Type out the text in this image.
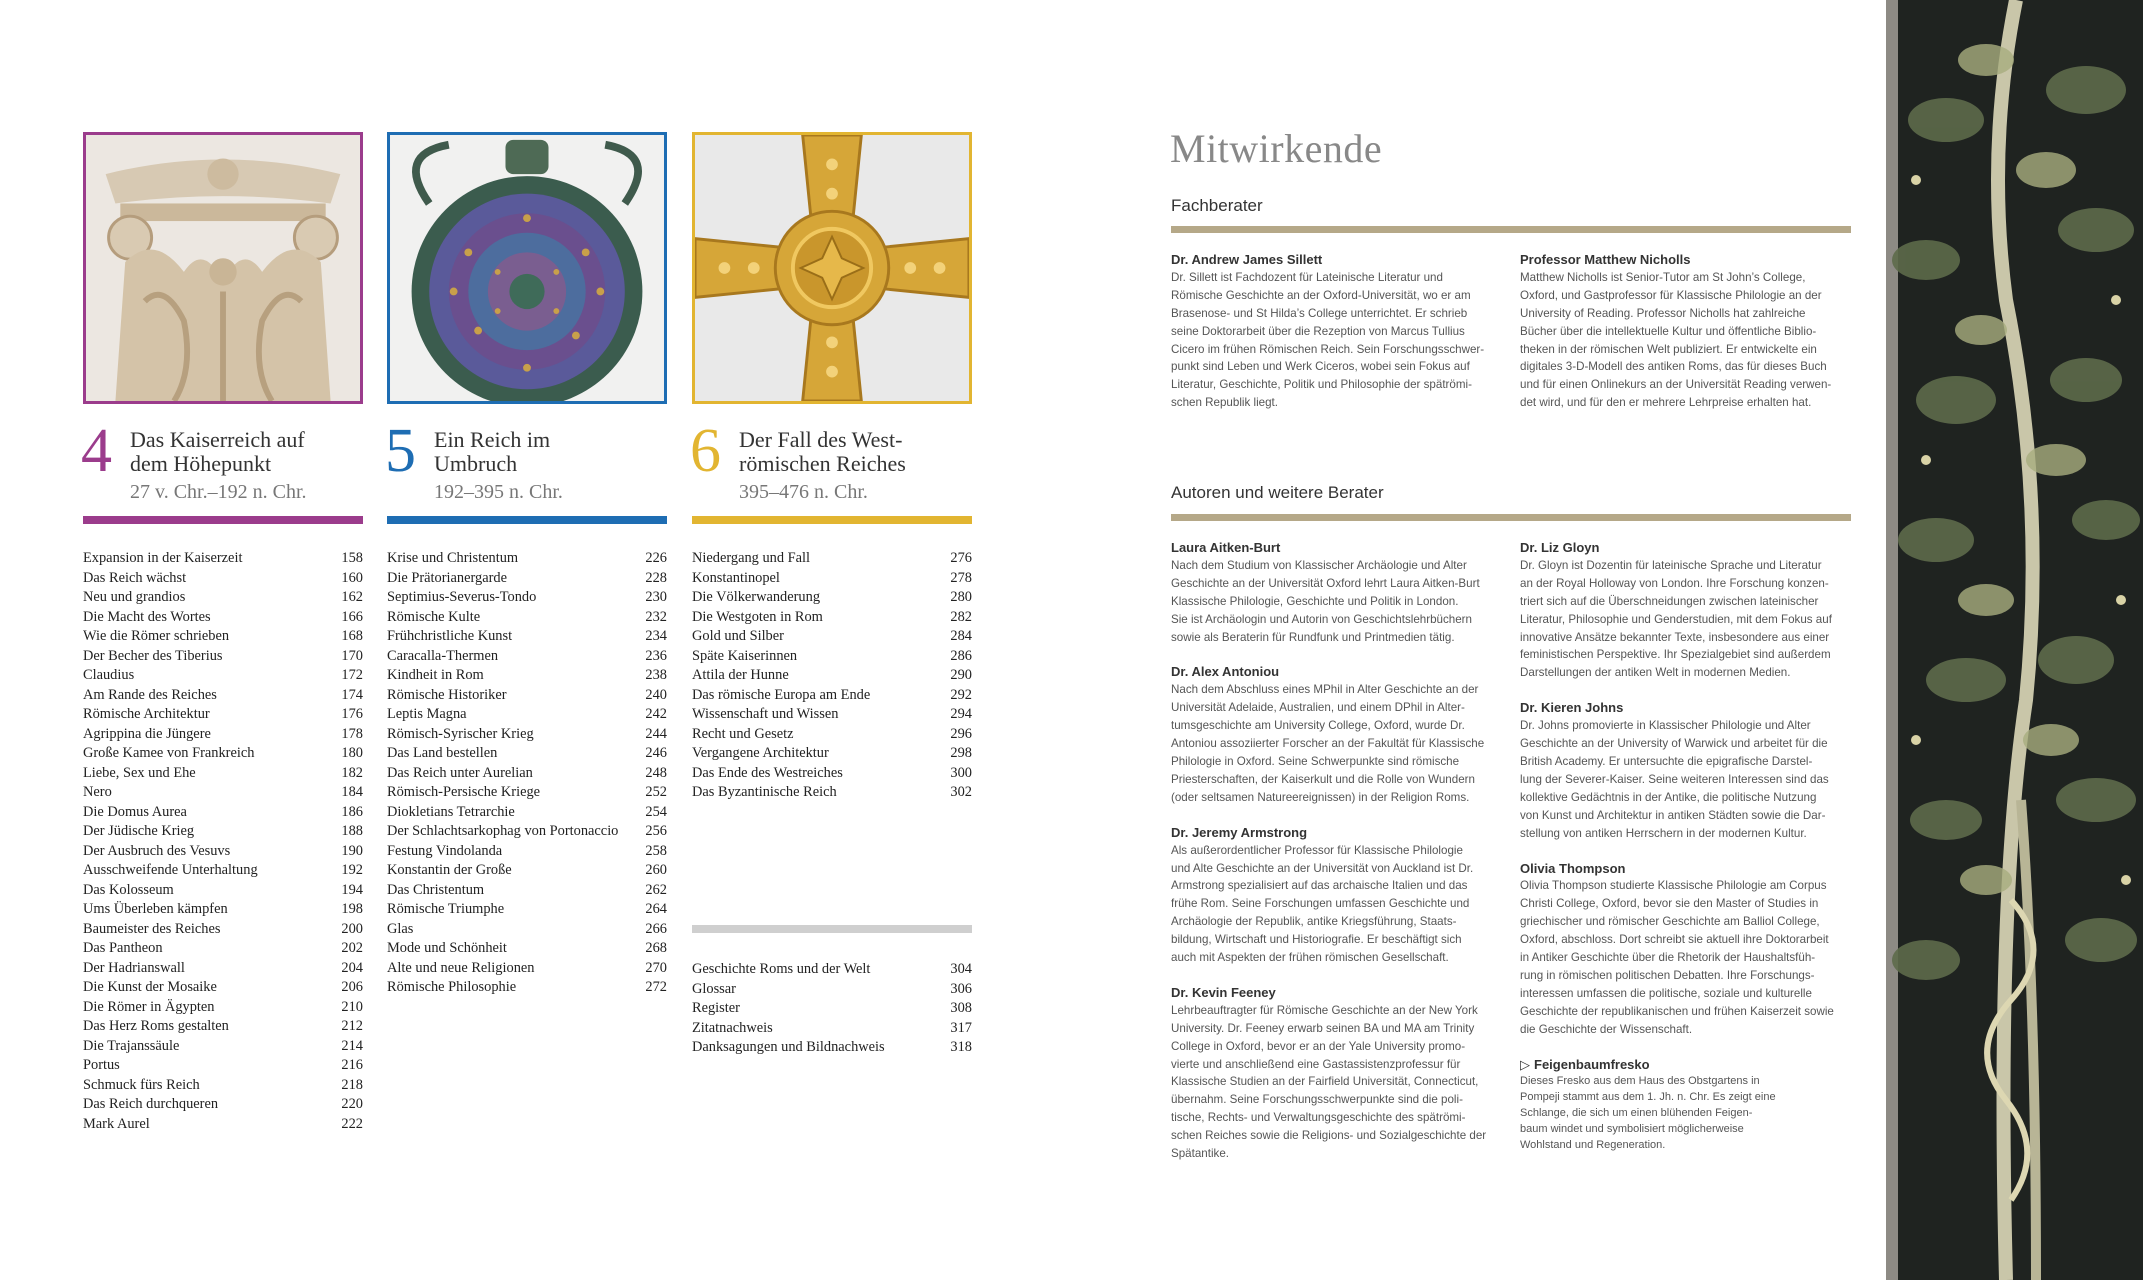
4 Das Kaiserreich auf dem Höhepunkt
27 v. Chr.–192 n. Chr.
5 Ein Reich im Umbruch
192–395 n. Chr.
6 Der Fall des West-
römischen Reiches
395–476 n. Chr.
Expansion in der Kaiserzeit	158
Das Reich wächst	160
Neu und grandios	162
Die Macht des Wortes	166
Wie die Römer schrieben	168
Der Becher des Tiberius	170
Claudius	172
Am Rande des Reiches	174
Römische Architektur	176
Agrippina die Jüngere	178
Große Kamee von Frankreich	180
Liebe, Sex und Ehe	182
Nero	184
Die Domus Aurea	186
Der Jüdische Krieg	188
Der Ausbruch des Vesuvs	190
Ausschweifende Unterhaltung	192
Das Kolosseum	194
Ums Überleben kämpfen	198
Baumeister des Reiches	200
Das Pantheon	202
Der Hadrianswall	204
Die Kunst der Mosaike	206
Die Römer in Ägypten	210
Das Herz Roms gestalten	212
Die Trajanssäule	214
Portus	216
Schmuck fürs Reich	218
Das Reich durchqueren	220
Mark Aurel	222
Krise und Christentum	226
Die Prätorianergarde	228
Septimius-Severus-Tondo	230
Römische Kulte	232
Frühchristliche Kunst	234
Caracalla-Thermen	236
Kindheit in Rom	238
Römische Historiker	240
Leptis Magna	242
Römisch-Syrischer Krieg	244
Das Land bestellen	246
Das Reich unter Aurelian	248
Römisch-Persische Kriege	252
Diokletians Tetrarchie	254
Der Schlachtsarkophag von Portonaccio 256
Festung Vindolanda	258
Konstantin der Große	260
Das Christentum	262
Römische Triumphe	264
Glas	266
Mode und Schönheit	268
Alte und neue Religionen	270
Römische Philosophie	272
Niedergang und Fall	276
Konstantinopel	278
Die Völkerwanderung	280
Die Westgoten in Rom	282
Gold und Silber	284
Späte Kaiserinnen	286
Attila der Hunne	290
Das römische Europa am Ende	292
Wissenschaft und Wissen	294
Recht und Gesetz	296
Vergangene Architektur	298
Das Ende des Westreiches	300
Das Byzantinische Reich	302
Geschichte Roms und der Welt	304
Glossar	306
Register	308
Zitatnachweis	317
Danksagungen und Bildnachweis	318
Mitwirkende
Fachberater
Dr. Andrew James Sillett

Dr. Sillett ist Fachdozent für Lateinische Literatur und

Römische Geschichte an der Oxford-Universität, wo er am

Brasenose- und St Hilda’s College unterrichtet. Er schrieb

seine Doktorarbeit über die Rezeption von Marcus Tullius

Cicero im frühen Römischen Reich. Sein Forschungsschwer-

punkt sind Leben und Werk Ciceros, wobei sein Fokus auf

Literatur, Geschichte, Politik und Philosophie der spätrömi-

schen Republik liegt.

Professor Matthew Nicholls

Matthew Nicholls ist Senior-Tutor am St John’s College,

Oxford, und Gastprofessor für Klassische Philologie an der

University of Reading. Professor Nicholls hat zahlreiche

Bücher über die intellektuelle Kultur und öffentliche Biblio-

theken in der römischen Welt publiziert. Er entwickelte ein

digitales 3-D-Modell des antiken Roms, das für dieses Buch

und für einen Onlinekurs an der Universität Reading verwen-

det wird, und für den er mehrere Lehrpreise erhalten hat.

Autoren und weitere Berater
Laura Aitken-Burt

Nach dem Studium von Klassischer Archäologie und Alter

Geschichte an der Universität Oxford lehrt Laura Aitken-Burt

Klassische Philologie, Geschichte und Politik in London.

Sie ist Archäologin und Autorin von Geschichtslehrbüchern

sowie als Beraterin für Rundfunk und Printmedien tätig.

Dr. Alex Antoniou

Nach dem Abschluss eines MPhil in Alter Geschichte an der

Universität Adelaide, Australien, und einem DPhil in Alter-

tumsgeschichte am University College, Oxford, wurde Dr.

Antoniou assoziierter Forscher an der Fakultät für Klassische

Philologie in Oxford. Seine Schwerpunkte sind römische

Priesterschaften, der Kaiserkult und die Rolle von Wundern

(oder seltsamen Natureereignissen) in der Religion Roms.

Dr. Jeremy Armstrong

Als außerordentlicher Professor für Klassische Philologie

und Alte Geschichte an der Universität von Auckland ist Dr.

Armstrong spezialisiert auf das archaische Italien und das

frühe Rom. Seine Forschungen umfassen Geschichte und

Archäologie der Republik, antike Kriegsführung, Staats-

bildung, Wirtschaft und Historiografie. Er beschäftigt sich

auch mit Aspekten der frühen römischen Gesellschaft.

Dr. Kevin Feeney

Lehrbeauftragter für Römische Geschichte an der New York

University. Dr. Feeney erwarb seinen BA und MA am Trinity

College in Oxford, bevor er an der Yale University promo-

vierte und anschließend eine Gastassistenzprofessur für

Klassische Studien an der Fairfield Universität, Connecticut,

übernahm. Seine Forschungsschwerpunkte sind die poli-

tische, Rechts- und Verwaltungsgeschichte des spätrömi-

schen Reiches sowie die Religions- und Sozialgeschichte der

Spätantike.

Dr. Liz Gloyn

Dr. Gloyn ist Dozentin für lateinische Sprache und Literatur

an der Royal Holloway von London. Ihre Forschung konzen-

triert sich auf die Überschneidungen zwischen lateinischer

Literatur, Philosophie und Genderstudien, mit dem Fokus auf

innovative Ansätze bekannter Texte, insbesondere aus einer

feministischen Perspektive. Ihr Spezialgebiet sind außerdem

Darstellungen der antiken Welt in modernen Medien.

Dr. Kieren Johns

Dr. Johns promovierte in Klassischer Philologie und Alter

Geschichte an der University of Warwick und arbeitet für die

British Academy. Er untersuchte die epigrafische Darstel-

lung der Severer-Kaiser. Seine weiteren Interessen sind das

kollektive Gedächtnis in der Antike, die politische Nutzung

von Kunst und Architektur in antiken Städten sowie die Dar-

stellung von antiken Herrschern in der modernen Kultur.

Olivia Thompson

Olivia Thompson studierte Klassische Philologie am Corpus

Christi College, Oxford, bevor sie den Master of Studies in

griechischer und römischer Geschichte am Balliol College,

Oxford, abschloss. Dort schreibt sie aktuell ihre Doktorarbeit

in Antiker Geschichte über die Rhetorik der Haushaltsfüh-

rung in römischen politischen Debatten. Ihre Forschungs-

interessen umfassen die politische, soziale und kulturelle

Geschichte der republikanischen und frühen Kaiserzeit sowie

die Geschichte der Wissenschaft.

▷ Feigenbaumfresko

Dieses Fresko aus dem Haus des Obstgartens in

Pompeji stammt aus dem 1. Jh. n. Chr. Es zeigt eine

Schlange, die sich um einen blühenden Feigen-

baum windet und symbolisiert möglicherweise

Wohlstand und Regeneration.
